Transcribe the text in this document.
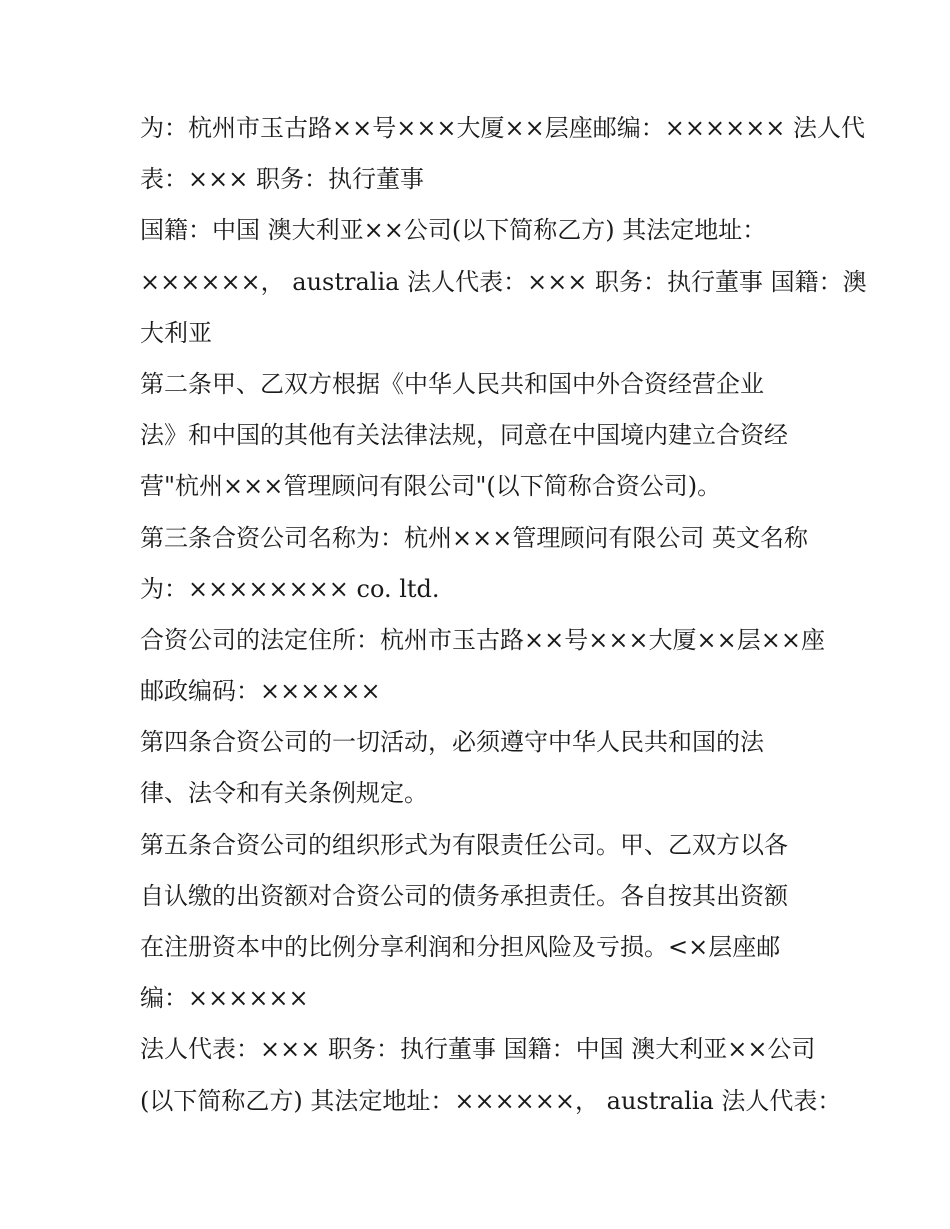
为：杭州市玉古路××号×××大厦××层座邮编：×××××× 法人代
表：××× 职务：执行董事
国籍：中国 澳大利亚××公司(以下简称乙方) 其法定地址：
××××××， australia 法人代表：××× 职务：执行董事 国籍：澳
大利亚
第二条甲、乙双方根据《中华人民共和国中外合资经营企业
法》和中国的其他有关法律法规，同意在中国境内建立合资经
营"杭州×××管理顾问有限公司"(以下简称合资公司)。
第三条合资公司名称为：杭州×××管理顾问有限公司 英文名称
为：×××××××× co. ltd.
合资公司的法定住所：杭州市玉古路××号×××大厦××层××座
邮政编码：××××××
第四条合资公司的一切活动，必须遵守中华人民共和国的法
律、法令和有关条例规定。
第五条合资公司的组织形式为有限责任公司。甲、乙双方以各
自认缴的出资额对合资公司的债务承担责任。各自按其出资额
在注册资本中的比例分享利润和分担风险及亏损。<×层座邮
编：××××××
法人代表：××× 职务：执行董事 国籍：中国 澳大利亚××公司
(以下简称乙方) 其法定地址：××××××， australia 法人代表：
